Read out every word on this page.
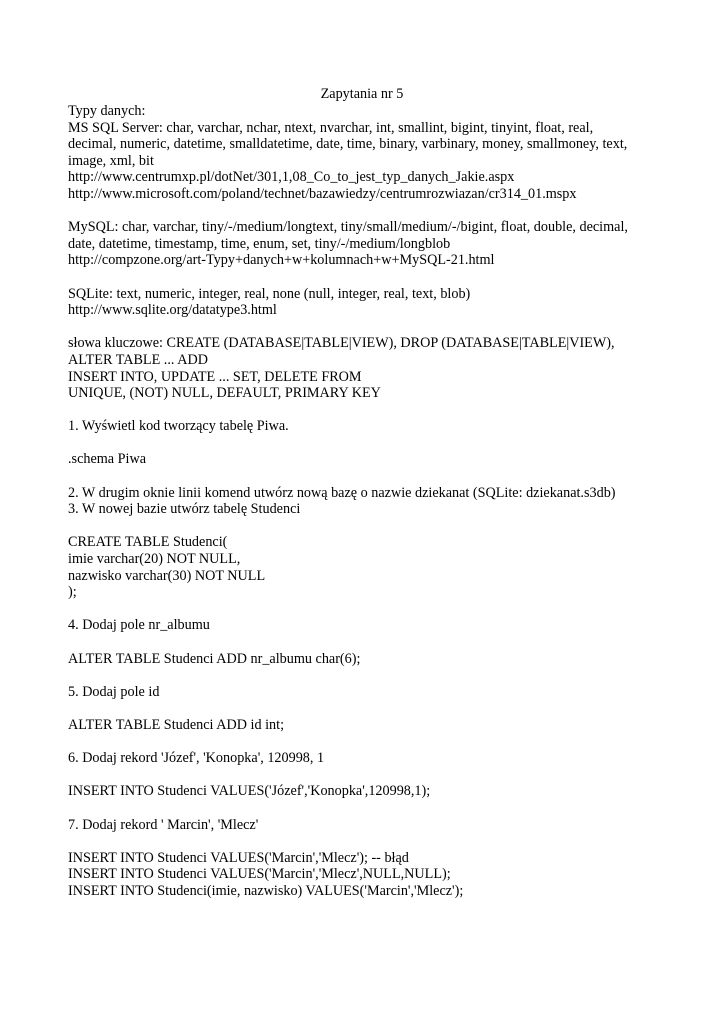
Zapytania nr 5
Typy danych:
MS SQL Server: char, varchar, nchar, ntext, nvarchar, int, smallint, bigint, tinyint, float, real,
decimal, numeric, datetime, smalldatetime, date, time, binary, varbinary, money, smallmoney, text,
image, xml, bit
http://www.centrumxp.pl/dotNet/301,1,08_Co_to_jest_typ_danych_Jakie.aspx
http://www.microsoft.com/poland/technet/bazawiedzy/centrumrozwiazan/cr314_01.mspx
MySQL: char, varchar, tiny/-/medium/longtext, tiny/small/medium/-/bigint, float, double, decimal,
date, datetime, timestamp, time, enum, set, tiny/-/medium/longblob
http://compzone.org/art-Typy+danych+w+kolumnach+w+MySQL-21.html
SQLite: text, numeric, integer, real, none (null, integer, real, text, blob)
http://www.sqlite.org/datatype3.html
słowa kluczowe: CREATE (DATABASE|TABLE|VIEW), DROP (DATABASE|TABLE|VIEW),
ALTER TABLE ... ADD
INSERT INTO, UPDATE ... SET, DELETE FROM
UNIQUE, (NOT) NULL, DEFAULT, PRIMARY KEY
1. Wyświetl kod tworzący tabelę Piwa.
.schema Piwa
2. W drugim oknie linii komend utwórz nową bazę o nazwie dziekanat (SQLite: dziekanat.s3db)
3. W nowej bazie utwórz tabelę Studenci
CREATE TABLE Studenci(
imie varchar(20) NOT NULL,
nazwisko varchar(30) NOT NULL
);
4. Dodaj pole nr_albumu
ALTER TABLE Studenci ADD nr_albumu char(6);
5. Dodaj pole id
ALTER TABLE Studenci ADD id int;
6. Dodaj rekord 'Józef', 'Konopka', 120998, 1
INSERT INTO Studenci VALUES('Józef','Konopka',120998,1);
7. Dodaj rekord ' Marcin', 'Mlecz'
INSERT INTO Studenci VALUES('Marcin','Mlecz'); -- błąd
INSERT INTO Studenci VALUES('Marcin','Mlecz',NULL,NULL);
INSERT INTO Studenci(imie, nazwisko) VALUES('Marcin','Mlecz');
